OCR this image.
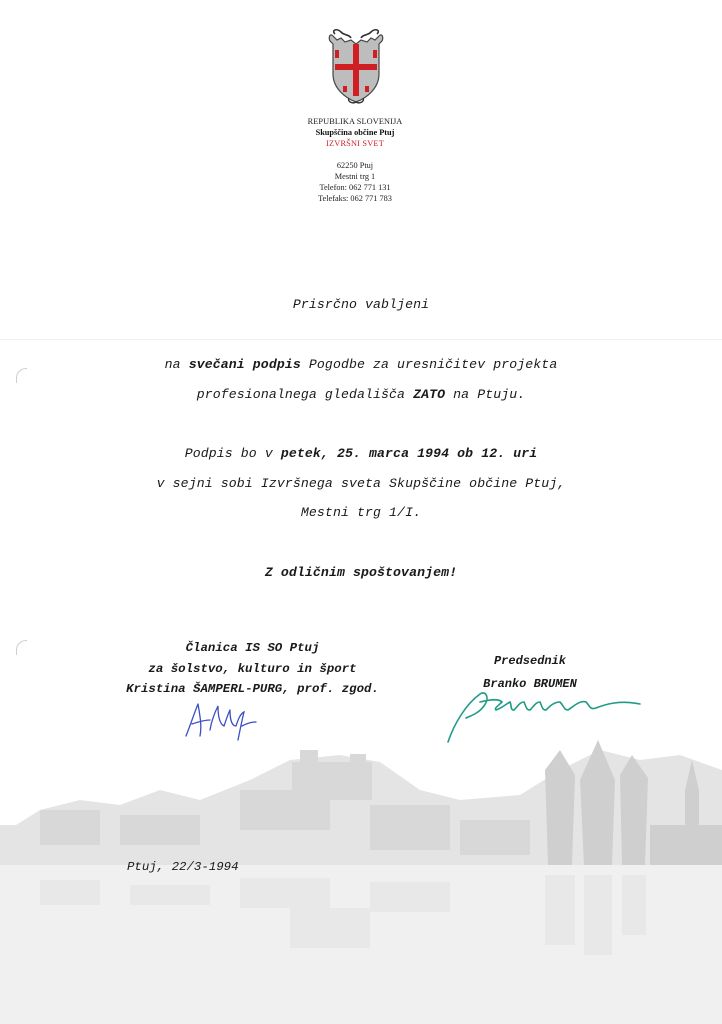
REPUBLIKA SLOVENIJA
Skupščina občine Ptuj
IZVRŠNI SVET
62250 Ptuj
Mestni trg 1
Telefon: 062 771 131
Telefaks: 062 771 783
Prisrčno vabljeni
na svečani podpis Pogodbe za uresničitev projekta
profesionalnega gledališča ZATO na Ptuju.
Podpis bo v petek, 25. marca 1994 ob 12. uri
v sejni sobi Izvršnega sveta Skupščine občine Ptuj,
Mestni trg 1/I.
Z odličnim spoštovanjem!
Članica IS SO Ptuj
za šolstvo, kulturo in šport
Kristina ŠAMPERL-PURG, prof. zgod.
Predsednik
Branko BRUMEN
Ptuj, 22/3-1994
